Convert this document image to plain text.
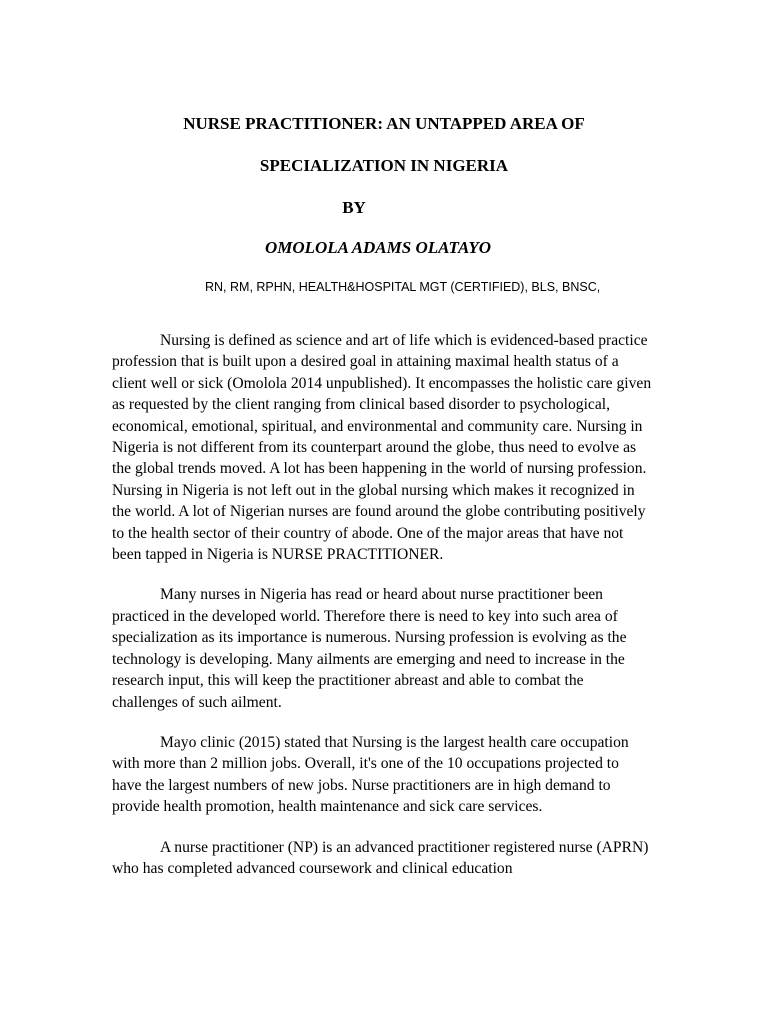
NURSE PRACTITIONER: AN UNTAPPED AREA OF
SPECIALIZATION IN NIGERIA
BY
OMOLOLA ADAMS OLATAYO
RN, RM, RPHN, HEALTH&HOSPITAL MGT (CERTIFIED), BLS, BNSC,

Nursing is defined as science and art of life which is evidenced-based practice profession that is built upon a desired goal in attaining maximal health status of a client well or sick (Omolola 2014 unpublished). It encompasses the holistic care given as requested by the client ranging from clinical based disorder to psychological, economical, emotional, spiritual, and environmental and community care. Nursing in Nigeria is not different from its counterpart around the globe, thus need to evolve as the global trends moved. A lot has been happening in the world of nursing profession. Nursing in Nigeria is not left out in the global nursing which makes it recognized in the world. A lot of Nigerian nurses are found around the globe contributing positively to the health sector of their country of abode. One of the major areas that have not been tapped in Nigeria is NURSE PRACTITIONER.

Many nurses in Nigeria has read or heard about nurse practitioner been practiced in the developed world. Therefore there is need to key into such area of specialization as its importance is numerous. Nursing profession is evolving as the technology is developing. Many ailments are emerging and need to increase in the research input, this will keep the practitioner abreast and able to combat the challenges of such ailment.

Mayo clinic (2015) stated that Nursing is the largest health care occupation with more than 2 million jobs. Overall, it's one of the 10 occupations projected to have the largest numbers of new jobs. Nurse practitioners are in high demand to provide health promotion, health maintenance and sick care services.

A nurse practitioner (NP) is an advanced practitioner registered nurse (APRN) who has completed advanced coursework and clinical education
